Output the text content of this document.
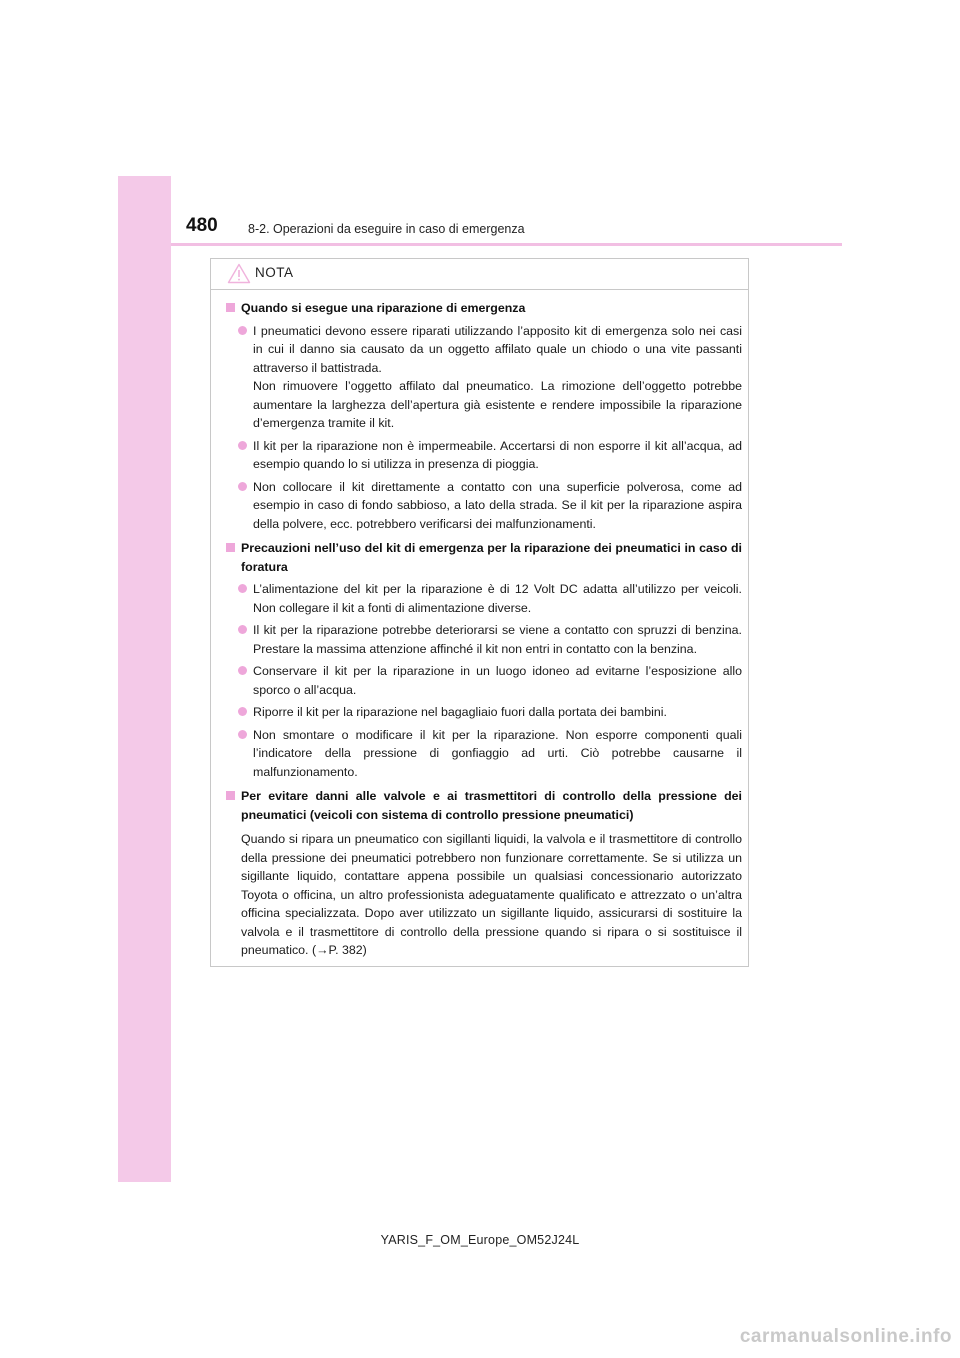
480 8-2. Operazioni da eseguire in caso di emergenza
NOTA
Quando si esegue una riparazione di emergenza
I pneumatici devono essere riparati utilizzando l’apposito kit di emergenza solo nei casi in cui il danno sia causato da un oggetto affilato quale un chiodo o una vite passanti attraverso il battistrada.
Non rimuovere l’oggetto affilato dal pneumatico. La rimozione dell’oggetto potrebbe aumentare la larghezza dell’apertura già esistente e rendere impossibile la riparazione d’emergenza tramite il kit.
Il kit per la riparazione non è impermeabile. Accertarsi di non esporre il kit all’acqua, ad esempio quando lo si utilizza in presenza di pioggia.
Non collocare il kit direttamente a contatto con una superficie polverosa, come ad esempio in caso di fondo sabbioso, a lato della strada. Se il kit per la riparazione aspira della polvere, ecc. potrebbero verificarsi dei malfunzionamenti.
Precauzioni nell’uso del kit di emergenza per la riparazione dei pneumatici in caso di foratura
L’alimentazione del kit per la riparazione è di 12 Volt DC adatta all’utilizzo per veicoli. Non collegare il kit a fonti di alimentazione diverse.
Il kit per la riparazione potrebbe deteriorarsi se viene a contatto con spruzzi di benzina. Prestare la massima attenzione affinché il kit non entri in contatto con la benzina.
Conservare il kit per la riparazione in un luogo idoneo ad evitarne l’esposizione allo sporco o all’acqua.
Riporre il kit per la riparazione nel bagagliaio fuori dalla portata dei bambini.
Non smontare o modificare il kit per la riparazione. Non esporre componenti quali l’indicatore della pressione di gonfiaggio ad urti. Ciò potrebbe causarne il malfunzionamento.
Per evitare danni alle valvole e ai trasmettitori di controllo della pressione dei pneumatici (veicoli con sistema di controllo pressione pneumatici)
Quando si ripara un pneumatico con sigillanti liquidi, la valvola e il trasmettitore di controllo della pressione dei pneumatici potrebbero non funzionare correttamente. Se si utilizza un sigillante liquido, contattare appena possibile un qualsiasi concessionario autorizzato Toyota o officina, un altro professionista adeguatamente qualificato e attrezzato o un’altra officina specializzata. Dopo aver utilizzato un sigillante liquido, assicurarsi di sostituire la valvola e il trasmettitore di controllo della pressione quando si ripara o si sostituisce il pneumatico. (→P. 382)
YARIS_F_OM_Europe_OM52J24L
carmanualsonline.info
